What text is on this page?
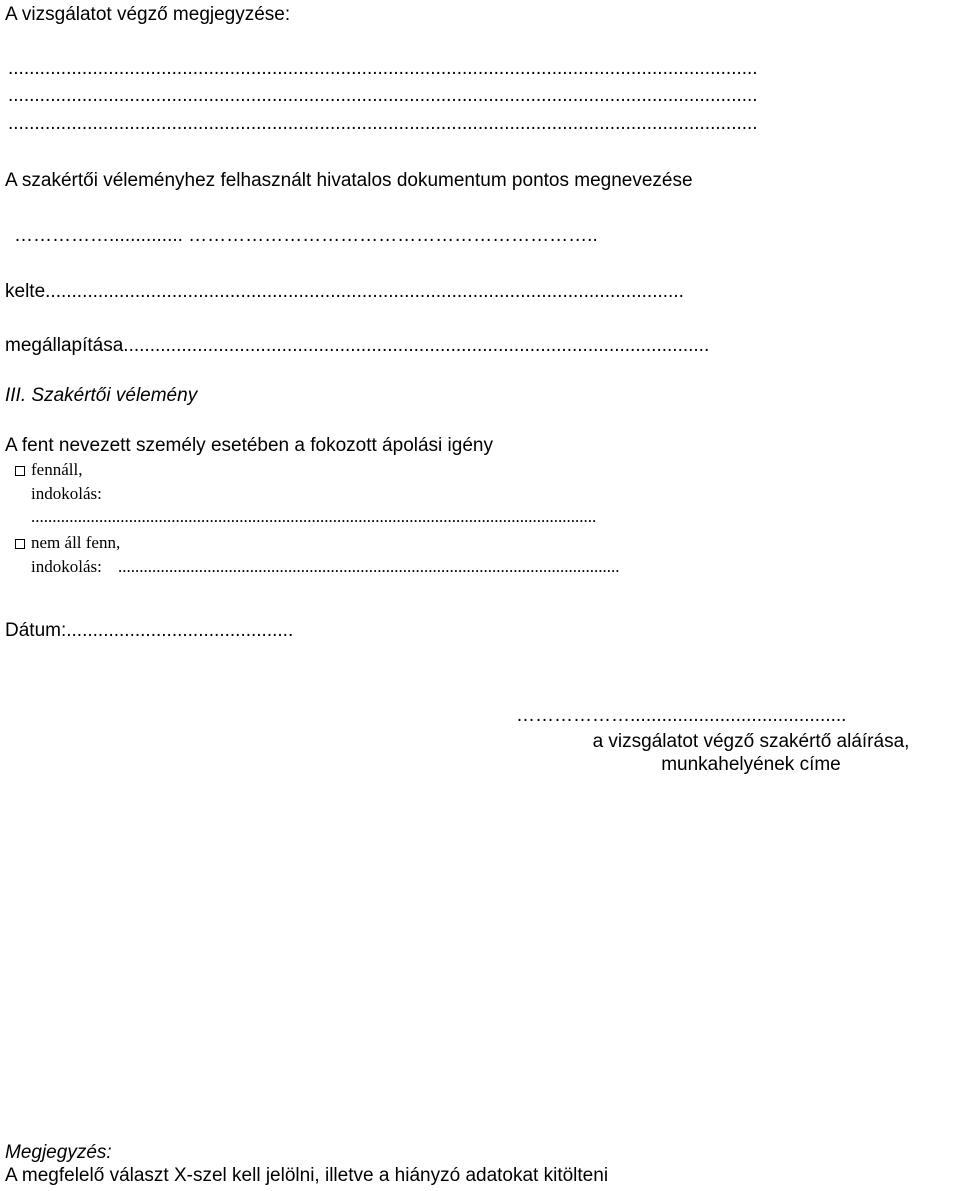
A vizsgálatot végző megjegyzése:
..............................................................................................................................................
..............................................................................................................................................
..............................................................................................................................................
A szakértői véleményhez felhasznált hivatalos dokumentum pontos megnevezése
…………….............. ………………………………………………………..
kelte.........................................................................................................................
megállapítása...............................................................................................................
III. Szakértői vélemény
A fent nevezett személy esetében a fokozott ápolási igény
fennáll,
indokolás:
.....................................................................................................................................
nem áll fenn,
indokolás: ......................................................................................................................
Dátum:...........................................
……………….........................................
a vizsgálatot végző szakértő aláírása,
munkahelyének címe
Megjegyzés:
A megfelelő választ X-szel kell jelölni, illetve a hiányzó adatokat kitölteni
